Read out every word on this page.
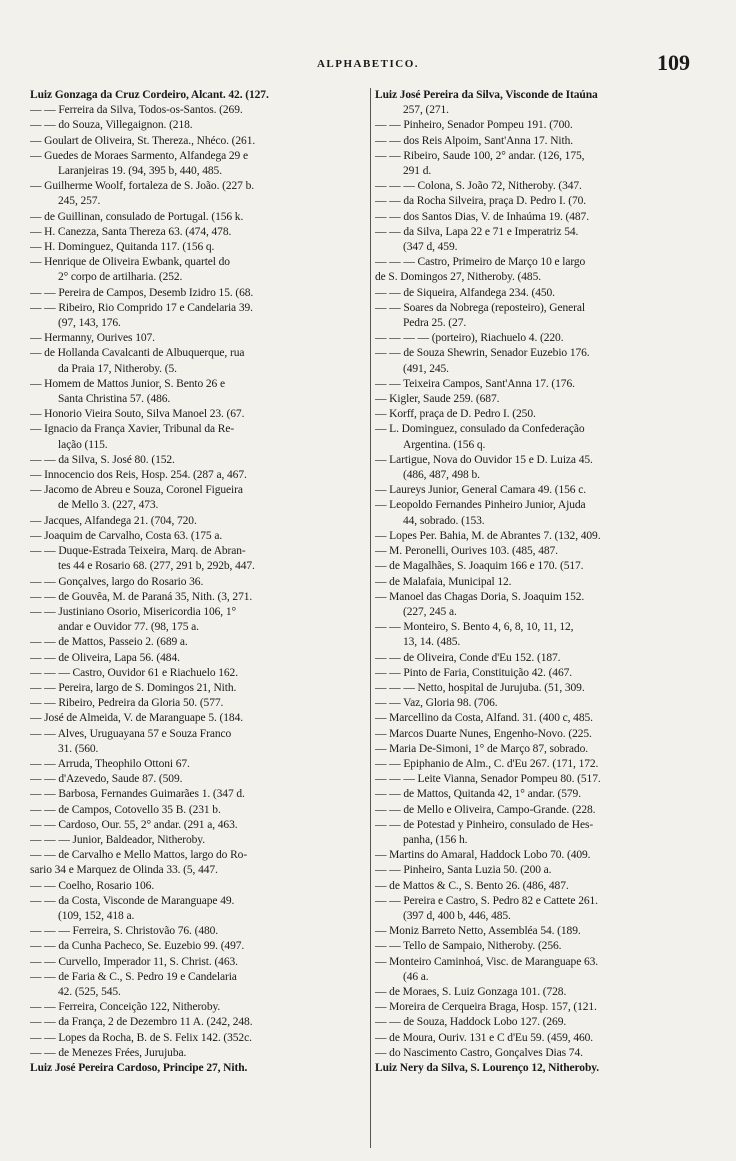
ALPHABETICO.	109
Luiz Gonzaga da Cruz Cordeiro, Alcant. 42. (127.
— — Ferreira da Silva, Todos-os-Santos. (269.
— — do Souza, Villegaignon. (218.
— Goulart de Oliveira, St. Thereza., Nhéco. (261.
— Guedes de Moraes Sarmento, Alfandega 29 e
Laranjeiras 19. (94, 395 b, 440, 485.
— Guilherme Woolf, fortaleza de S. João. (227 b.
245, 257.
— de Guillinan, consulado de Portugal. (156 k.
— H. Canezza, Santa Thereza 63. (474, 478.
— H. Dominguez, Quitanda 117. (156 q.
— Henrique de Oliveira Ewbank, quartel do
2° corpo de artilharia. (252.
— — Pereira de Campos, Desemb Izidro 15. (68.
— — Ribeiro, Rio Comprido 17 e Candelaria 39.
(97, 143, 176.
— Hermanny, Ourives 107.
— de Hollanda Cavalcanti de Albuquerque, rua
da Praia 17, Nitheroby. (5.
— Homem de Mattos Junior, S. Bento 26 e
Santa Christina 57. (486.
— Honorio Vieira Souto, Silva Manoel 23. (67.
— Ignacio da França Xavier, Tribunal da Re-
lação (115.
— — da Silva, S. José 80. (152.
— Innocencio dos Reis, Hosp. 254. (287 a, 467.
— Jacomo de Abreu e Souza, Coronel Figueira
de Mello 3. (227, 473.
— Jacques, Alfandega 21. (704, 720.
— Joaquim de Carvalho, Costa 63. (175 a.
— — Duque-Estrada Teixeira, Marq. de Abran-
tes 44 e Rosario 68. (277, 291 b, 292b, 447.
— — Gonçalves, largo do Rosario 36.
— — de Gouvêa, M. de Paraná 35, Nith. (3, 271.
— — Justiniano Osorio, Misericordia 106, 1°
andar e Ouvidor 77. (98, 175 a.
— — de Mattos, Passeio 2. (689 a.
— — de Oliveira, Lapa 56. (484.
— — — Castro, Ouvidor 61 e Riachuelo 162.
— — Pereira, largo de S. Domingos 21, Nith.
— — Ribeiro, Pedreira da Gloria 50. (577.
— José de Almeida, V. de Maranguape 5. (184.
— — Alves, Uruguayana 57 e Souza Franco
31. (560.
— — Arruda, Theophilo Ottoni 67.
— — d'Azevedo, Saude 87. (509.
— — Barbosa, Fernandes Guimarães 1. (347 d.
— — de Campos, Cotovello 35 B. (231 b.
— — Cardoso, Our. 55, 2° andar. (291 a, 463.
— — — Junior, Baldeador, Nitheroby.
— — de Carvalho e Mello Mattos, largo do Ro-
sario 34 e Marquez de Olinda 33. (5, 447.
— — Coelho, Rosario 106.
— — da Costa, Visconde de Maranguape 49.
(109, 152, 418 a.
— — — Ferreira, S. Christovão 76. (480.
— — da Cunha Pacheco, Se. Euzebio 99. (497.
— — Curvello, Imperador 11, S. Christ. (463.
— — de Faria & C., S. Pedro 19 e Candelaria
42. (525, 545.
— — Ferreira, Conceição 122, Nitheroby.
— — da França, 2 de Dezembro 11 A. (242, 248.
— — Lopes da Rocha, B. de S. Felix 142. (352c.
— — de Menezes Frées, Jurujuba.
Luiz José Pereira Cardoso, Principe 27, Nith.
Luiz José Pereira da Silva, Visconde de Itaúna
257, (271.
— — Pinheiro, Senador Pompeu 191. (700.
— — dos Reis Alpoim, Sant'Anna 17. Nith.
— — Ribeiro, Saude 100, 2° andar. (126, 175,
291 d.
— — — Colona, S. João 72, Nitheroby. (347.
— — da Rocha Silveira, praça D. Pedro I. (70.
— — dos Santos Dias, V. de Inhaúma 19. (487.
— — da Silva, Lapa 22 e 71 e Imperatriz 54.
(347 d, 459.
— — — Castro, Primeiro de Março 10 e largo
de S. Domingos 27, Nitheroby. (485.
— — de Siqueira, Alfandega 234. (450.
— — Soares da Nobrega (reposteiro), General
Pedra 25. (27.
— — — — (porteiro), Riachuelo 4. (220.
— — de Souza Shewrin, Senador Euzebio 176.
(491, 245.
— — Teixeira Campos, Sant'Anna 17. (176.
— Kigler, Saude 259. (687.
— Korff, praça de D. Pedro I. (250.
— L. Dominguez, consulado da Confederação
Argentina. (156 q.
— Lartigue, Nova do Ouvidor 15 e D. Luiza 45.
(486, 487, 498 b.
— Laureys Junior, General Camara 49. (156 c.
— Leopoldo Fernandes Pinheiro Junior, Ajuda
44, sobrado. (153.
— Lopes Per. Bahia, M. de Abrantes 7. (132, 409.
— M. Peronelli, Ourives 103. (485, 487.
— de Magalhães, S. Joaquim 166 e 170. (517.
— de Malafaia, Municipal 12.
— Manoel das Chagas Doria, S. Joaquim 152.
(227, 245 a.
— — Monteiro, S. Bento 4, 6, 8, 10, 11, 12,
13, 14. (485.
— — de Oliveira, Conde d'Eu 152. (187.
— — Pinto de Faria, Constituição 42. (467.
— — — Netto, hospital de Jurujuba. (51, 309.
— — Vaz, Gloria 98. (706.
— Marcellino da Costa, Alfand. 31. (400 c, 485.
— Marcos Duarte Nunes, Engenho-Novo. (225.
— Maria De-Simoni, 1° de Março 87, sobrado.
— — Epiphanio de Alm., C. d'Eu 267. (171, 172.
— — — Leite Vianna, Senador Pompeu 80. (517.
— — de Mattos, Quitanda 42, 1° andar. (579.
— — de Mello e Oliveira, Campo-Grande. (228.
— — de Potestad y Pinheiro, consulado de Hes-
panha, (156 h.
— Martins do Amaral, Haddock Lobo 70. (409.
— — Pinheiro, Santa Luzia 50. (200 a.
— de Mattos & C., S. Bento 26. (486, 487.
— — Pereira e Castro, S. Pedro 82 e Cattete 261.
(397 d, 400 b, 446, 485.
— Moniz Barreto Netto, Assembléa 54. (189.
— — Tello de Sampaio, Nitheroby. (256.
— Monteiro Caminhoá, Visc. de Maranguape 63.
(46 a.
— de Moraes, S. Luiz Gonzaga 101. (728.
— Moreira de Cerqueira Braga, Hosp. 157, (121.
— — de Souza, Haddock Lobo 127. (269.
— de Moura, Ouriv. 131 e C d'Eu 59. (459, 460.
— do Nascimento Castro, Gonçalves Dias 74.
Luiz Nery da Silva, S. Lourenço 12, Nitheroby.
